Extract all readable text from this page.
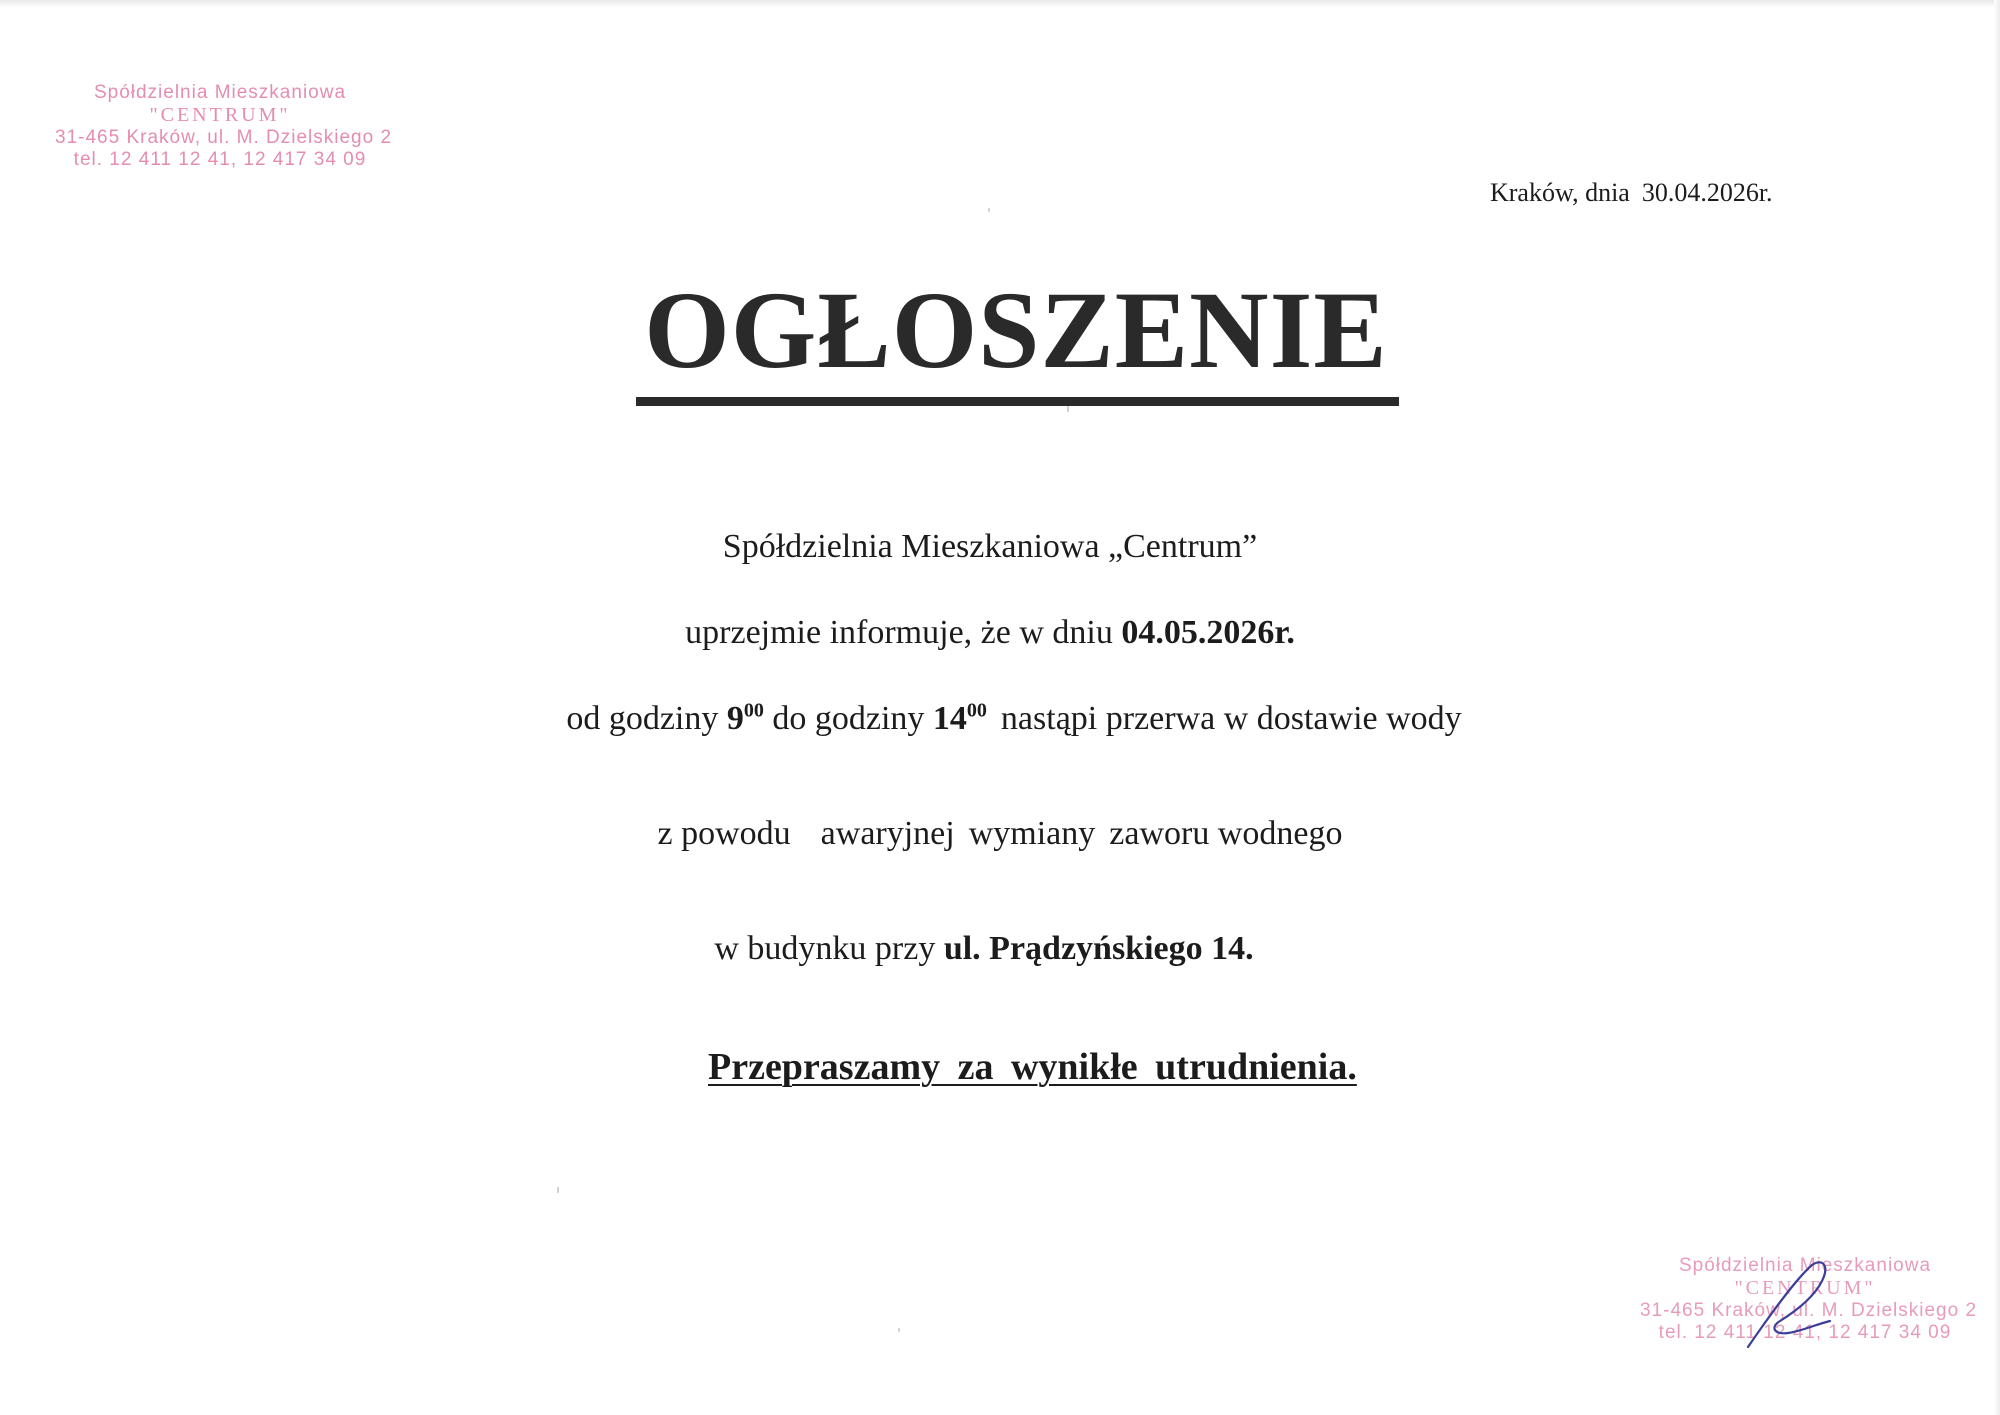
Spółdzielnia Mieszkaniowa
"CENTRUM"
31-465 Kraków, ul. M. Dzielskiego 2
tel. 12 411 12 41, 12 417 34 09
Kraków, dnia 30.04.2026r.
OGŁOSZENIE
Spółdzielnia Mieszkaniowa „Centrum”
uprzejmie informuje, że w dniu 04.05.2026r.
od godziny $9^{00}$ do godziny $14^{00}$ nastąpi przerwa w dostawie wody
z powodu awaryjnej wymiany zaworu wodnego
w budynku przy ul. Prądzyńskiego 14.
Przepraszamy za wynikłe utrudnienia.
Spółdzielnia Mieszkaniowa
"CENTRUM"
31-465 Kraków, ul. M. Dzielskiego 2
tel. 12 411 12 41, 12 417 34 09
